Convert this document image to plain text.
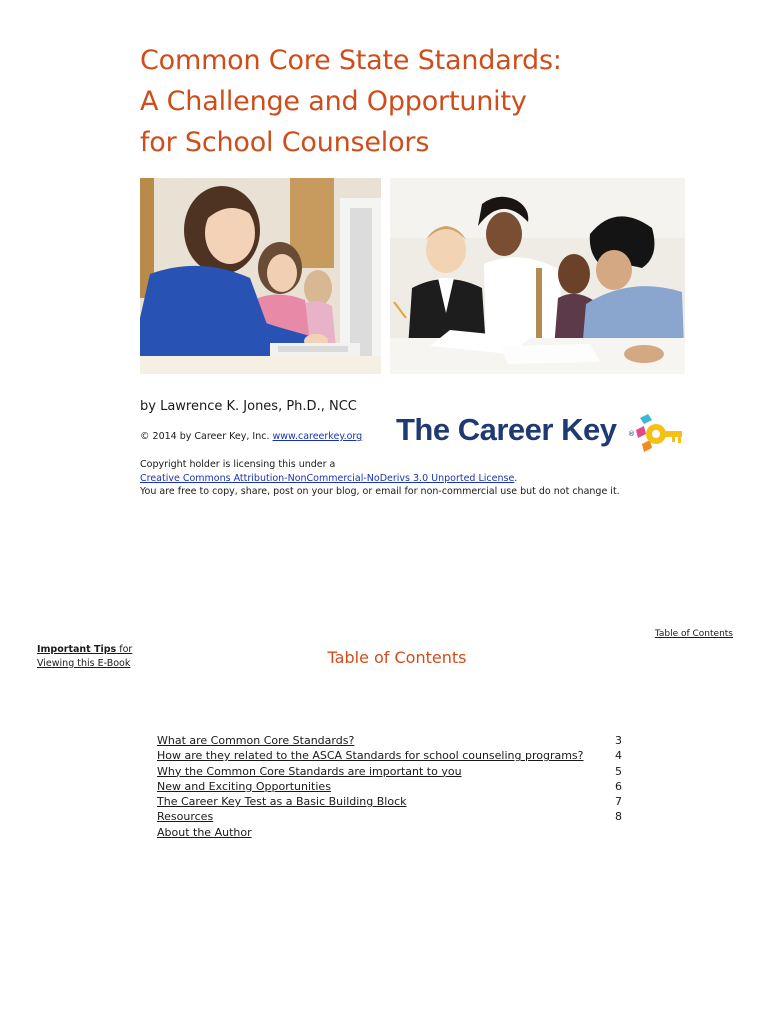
Common Core State Standards:
A Challenge and Opportunity
for School Counselors
by Lawrence K. Jones, Ph.D., NCC
© 2014 by Career Key, Inc. www.careerkey.org
Copyright holder is licensing this under a
Creative Commons Attribution-NonCommercial-NoDerivs 3.0 Unported License.
You are free to copy, share, post on your blog, or email for non-commercial use but do not change it.
The Career Key ®
Table of Contents
Important Tips for
Viewing this E-Book	Table of Contents
What are Common Core Standards?	3
How are they related to the ASCA Standards for school counseling programs?	4
Why the Common Core Standards are important to you	5
New and Exciting Opportunities	6
The Career Key Test as a Basic Building Block	7
Resources	8
About the Author
